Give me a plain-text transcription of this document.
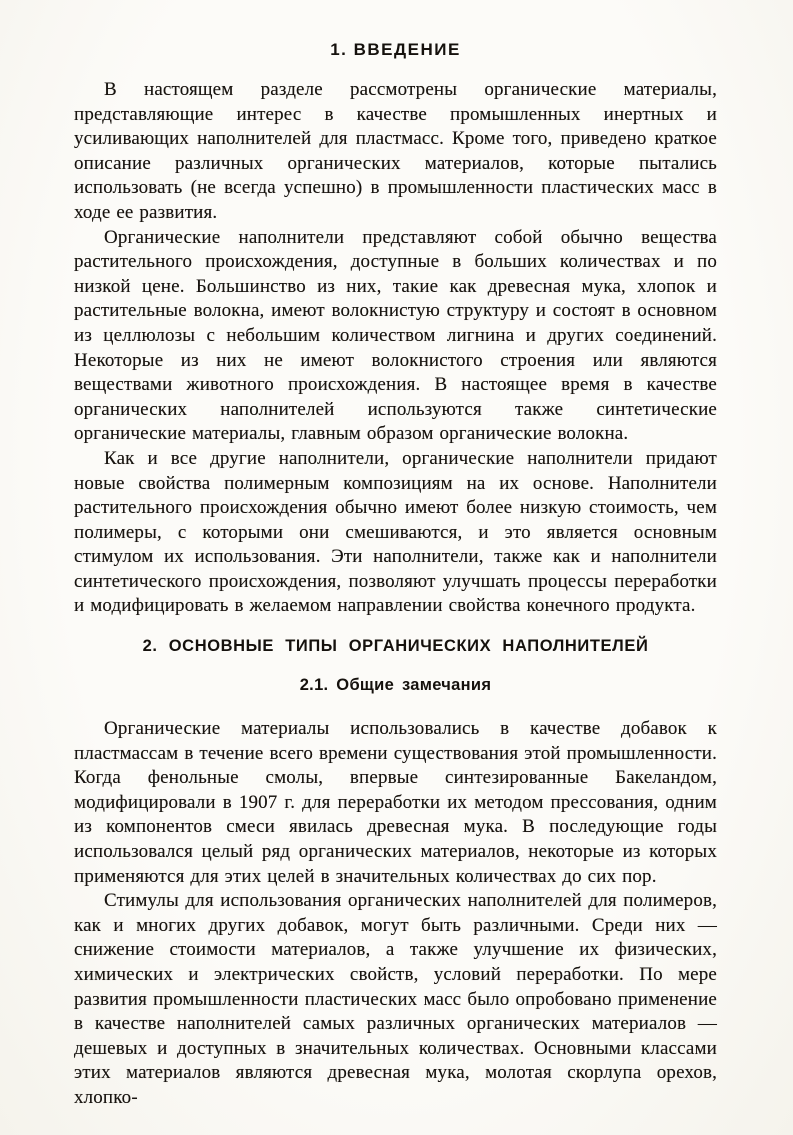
1. ВВЕДЕНИЕ

В настоящем разделе рассмотрены органические материалы, представляющие интерес в качестве промышленных инертных и усиливающих наполнителей для пластмасс. Кроме того, приведено краткое описание различных органических материалов, которые пытались использовать (не всегда успешно) в промышленности пластических масс в ходе ее развития.

Органические наполнители представляют собой обычно вещества растительного происхождения, доступные в больших количествах и по низкой цене. Большинство из них, такие как древесная мука, хлопок и растительные волокна, имеют волокнистую структуру и состоят в основном из целлюлозы с небольшим количеством лигнина и других соединений. Некоторые из них не имеют волокнистого строения или являются веществами животного происхождения. В настоящее время в качестве органических наполнителей используются также синтетические органические материалы, главным образом органические волокна.

Как и все другие наполнители, органические наполнители придают новые свойства полимерным композициям на их основе. Наполнители растительного происхождения обычно имеют более низкую стоимость, чем полимеры, с которыми они смешиваются, и это является основным стимулом их использования. Эти наполнители, также как и наполнители синтетического происхождения, позволяют улучшать процессы переработки и модифицировать в желаемом направлении свойства конечного продукта.

2. ОСНОВНЫЕ ТИПЫ ОРГАНИЧЕСКИХ НАПОЛНИТЕЛЕЙ
2.1. Общие замечания

Органические материалы использовались в качестве добавок к пластмассам в течение всего времени существования этой промышленности. Когда фенольные смолы, впервые синтезированные Бакеландом, модифицировали в 1907 г. для переработки их методом прессования, одним из компонентов смеси явилась древесная мука. В последующие годы использовался целый ряд органических материалов, некоторые из которых применяются для этих целей в значительных количествах до сих пор.

Стимулы для использования органических наполнителей для полимеров, как и многих других добавок, могут быть различными. Среди них — снижение стоимости материалов, а также улучшение их физических, химических и электрических свойств, условий переработки. По мере развития промышленности пластических масс было опробовано применение в качестве наполнителей самых различных органических материалов — дешевых и доступных в значительных количествах. Основными классами этих материалов являются древесная мука, молотая скорлупа орехов, хлопко-
